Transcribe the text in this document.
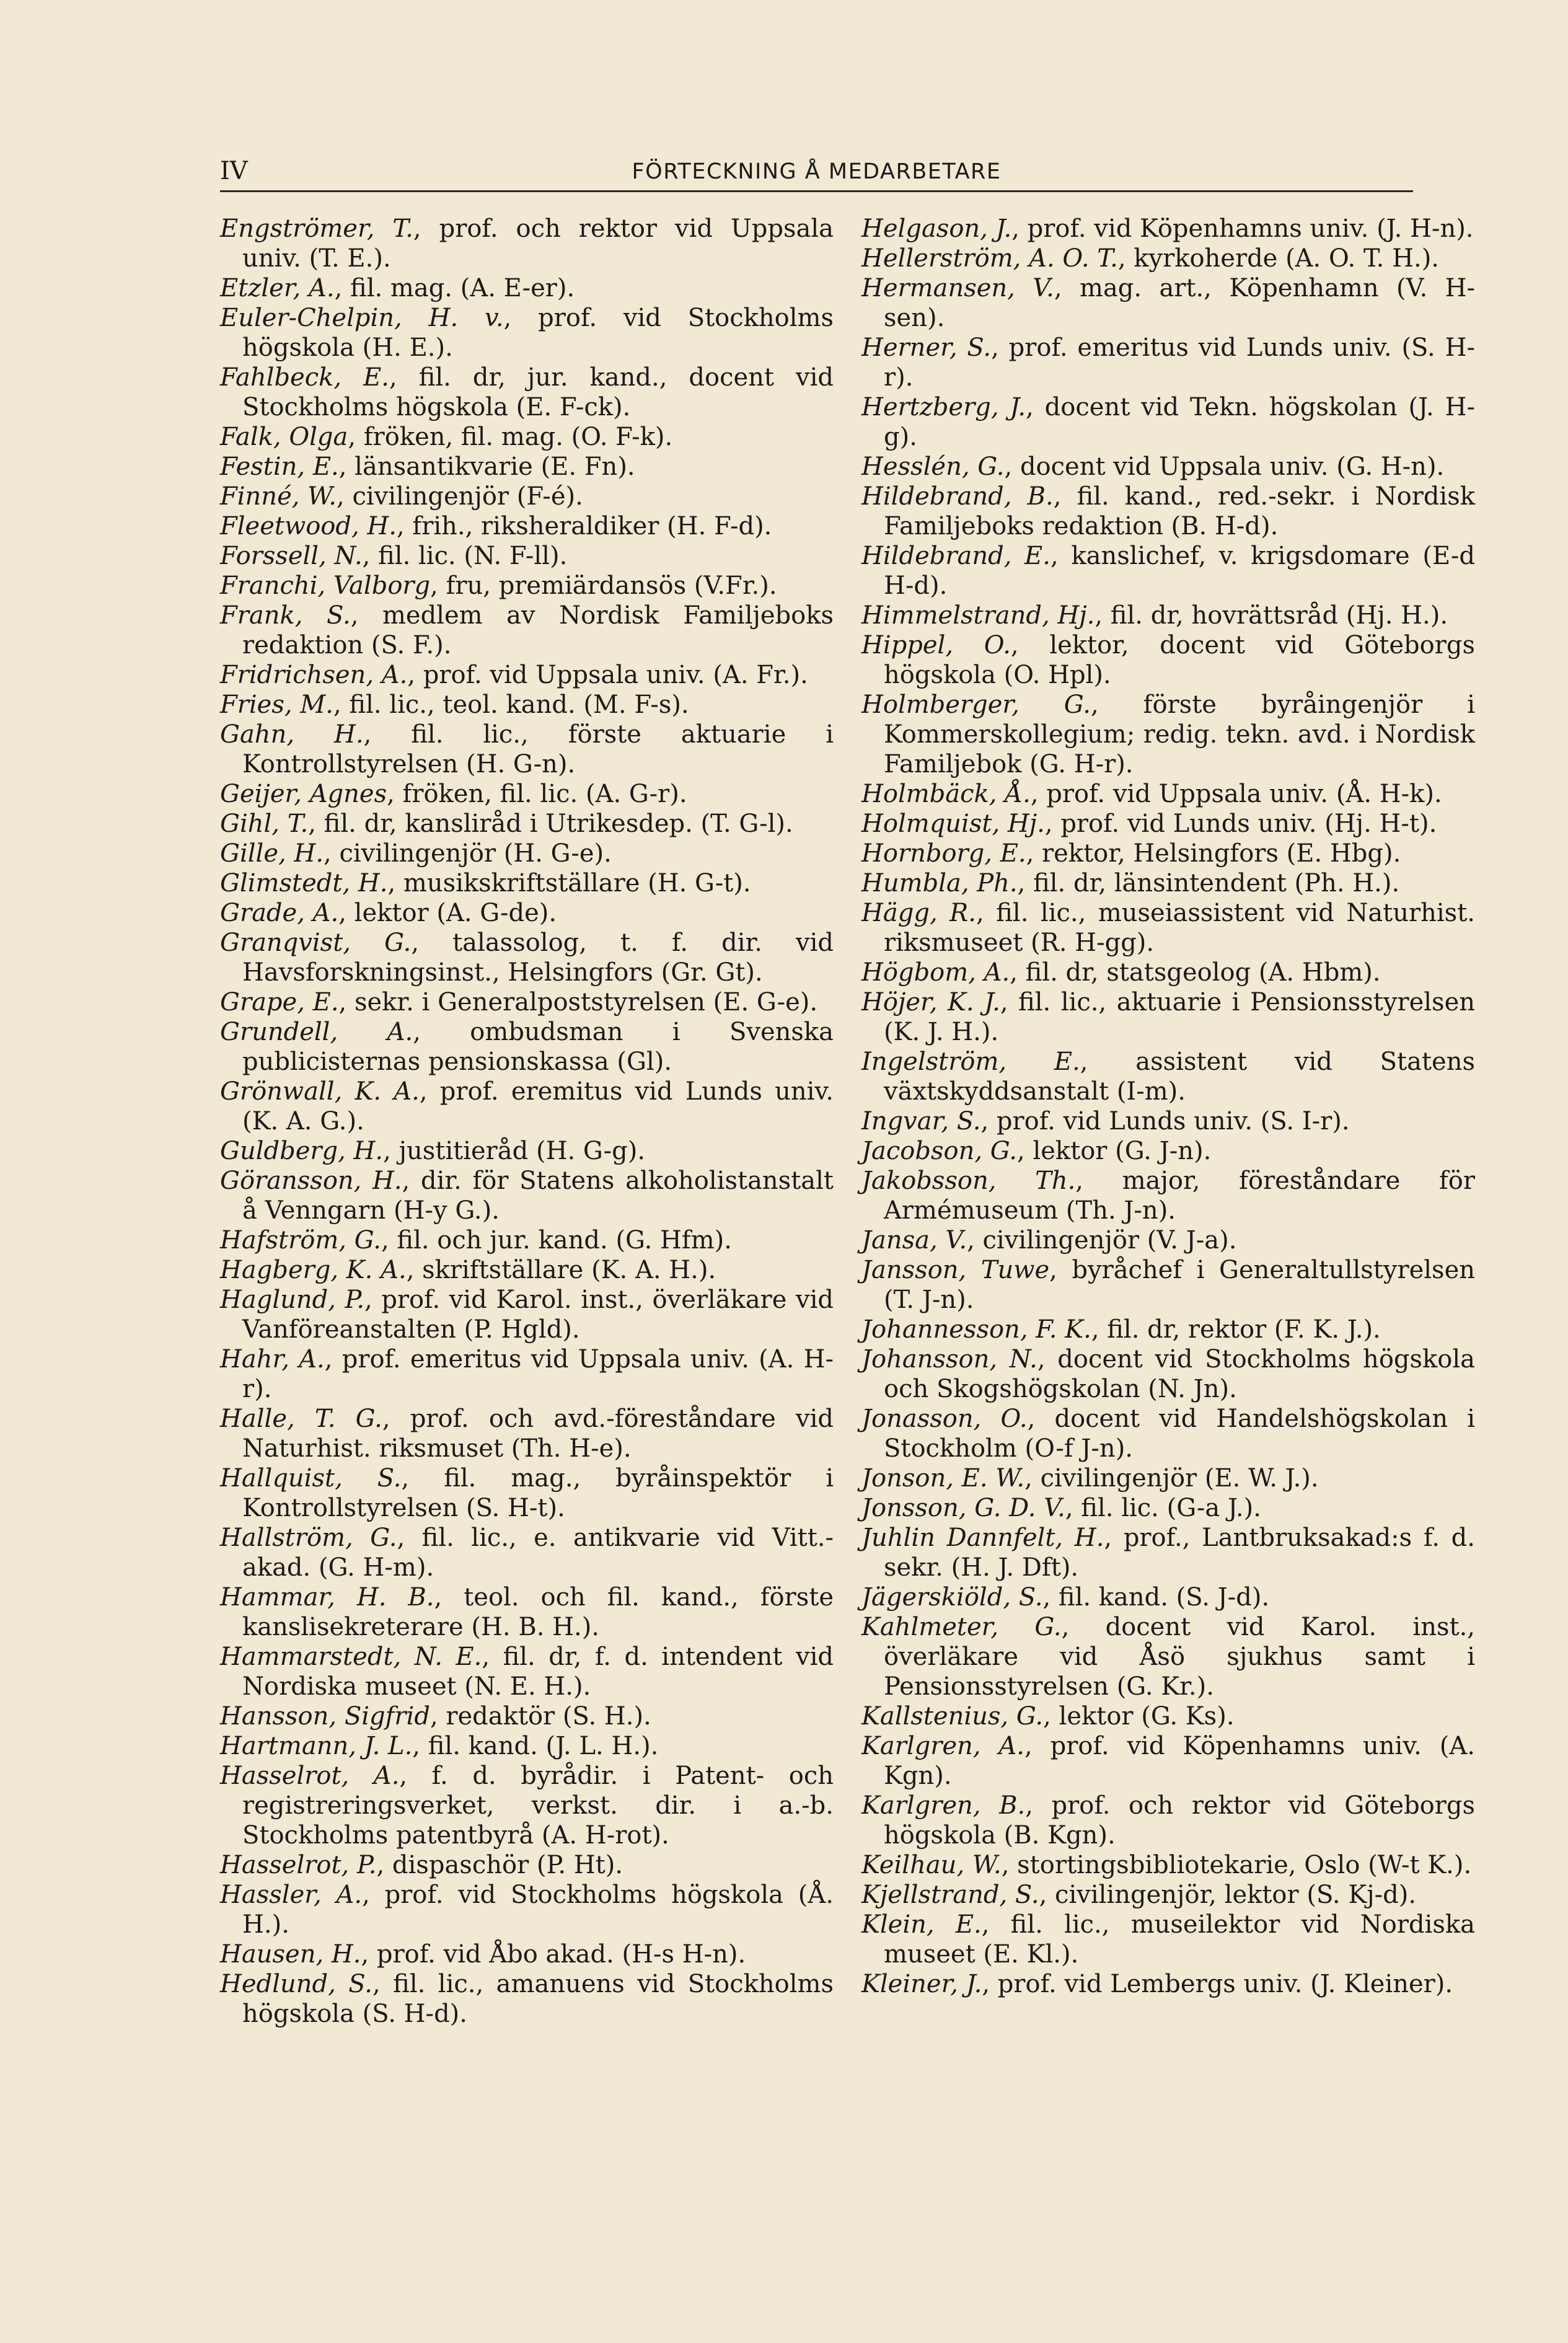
IV	FÖRTECKNING Å MEDARBETARE

Engströmer, T., prof. och rektor vid Uppsala univ. (T. E.).

Etzler, A., fil. mag. (A. E-er).

Euler-Chelpin, H. v., prof. vid Stockholms högskola (H. E.).

Fahlbeck, E., fil. dr, jur. kand., docent vid Stockholms högskola (E. F-ck).

Falk, Olga, fröken, fil. mag. (O. F-k).

Festin, E., länsantikvarie (E. Fn).

Finné, W., civilingenjör (F-é).

Fleetwood, H., frih., riksheraldiker (H. F-d).

Forssell, N., fil. lic. (N. F-ll).

Franchi, Valborg, fru, premiärdansös (V.Fr.).

Frank, S., medlem av Nordisk Familjeboks redaktion (S. F.).

Fridrichsen, A., prof. vid Uppsala univ. (A. Fr.).

Fries, M., fil. lic., teol. kand. (M. F-s).

Gahn, H., fil. lic., förste aktuarie i Kontrollstyrelsen (H. G-n).

Geijer, Agnes, fröken, fil. lic. (A. G-r).

Gihl, T., fil. dr, kansliråd i Utrikesdep. (T. G-l).

Gille, H., civilingenjör (H. G-e).

Glimstedt, H., musikskriftställare (H. G-t).

Grade, A., lektor (A. G-de).

Granqvist, G., talassolog, t. f. dir. vid Havsforskningsinst., Helsingfors (Gr. Gt).

Grape, E., sekr. i Generalpoststyrelsen (E. G-e).

Grundell, A., ombudsman i Svenska publicisternas pensionskassa (Gl).

Grönwall, K. A., prof. eremitus vid Lunds univ. (K. A. G.).

Guldberg, H., justitieråd (H. G-g).

Göransson, H., dir. för Statens alkoholistanstalt å Venngarn (H-y G.).

Hafström, G., fil. och jur. kand. (G. Hfm).

Hagberg, K. A., skriftställare (K. A. H.).

Haglund, P., prof. vid Karol. inst., överläkare vid Vanföreanstalten (P. Hgld).

Hahr, A., prof. emeritus vid Uppsala univ. (A. H-r).

Halle, T. G., prof. och avd.-föreståndare vid Naturhist. riksmuset (Th. H-e).

Hallquist, S., fil. mag., byråinspektör i Kontrollstyrelsen (S. H-t).

Hallström, G., fil. lic., e. antikvarie vid Vitt.-akad. (G. H-m).

Hammar, H. B., teol. och fil. kand., förste kanslisekreterare (H. B. H.).

Hammarstedt, N. E., fil. dr, f. d. intendent vid Nordiska museet (N. E. H.).

Hansson, Sigfrid, redaktör (S. H.).

Hartmann, J. L., fil. kand. (J. L. H.).

Hasselrot, A., f. d. byrådir. i Patent- och registreringsverket, verkst. dir. i a.-b. Stockholms patentbyrå (A. H-rot).

Hasselrot, P., dispaschör (P. Ht).

Hassler, A., prof. vid Stockholms högskola (Å. H.).

Hausen, H., prof. vid Åbo akad. (H-s H-n).

Hedlund, S., fil. lic., amanuens vid Stockholms högskola (S. H-d).

Helgason, J., prof. vid Köpenhamns univ. (J. H-n).

Hellerström, A. O. T., kyrkoherde (A. O. T. H.).

Hermansen, V., mag. art., Köpenhamn (V. H-sen).

Herner, S., prof. emeritus vid Lunds univ. (S. H-r).

Hertzberg, J., docent vid Tekn. högskolan (J. H-g).

Hesslén, G., docent vid Uppsala univ. (G. H-n).

Hildebrand, B., fil. kand., red.-sekr. i Nordisk Familjeboks redaktion (B. H-d).

Hildebrand, E., kanslichef, v. krigsdomare (E-d H-d).

Himmelstrand, Hj., fil. dr, hovrättsråd (Hj. H.).

Hippel, O., lektor, docent vid Göteborgs högskola (O. Hpl).

Holmberger, G., förste byråingenjör i Kommerskollegium; redig. tekn. avd. i Nordisk Familjebok (G. H-r).

Holmbäck, Å., prof. vid Uppsala univ. (Å. H-k).

Holmquist, Hj., prof. vid Lunds univ. (Hj. H-t).

Hornborg, E., rektor, Helsingfors (E. Hbg).

Humbla, Ph., fil. dr, länsintendent (Ph. H.).

Hägg, R., fil. lic., museiassistent vid Naturhist. riksmuseet (R. H-gg).

Högbom, A., fil. dr, statsgeolog (A. Hbm).

Höjer, K. J., fil. lic., aktuarie i Pensionsstyrelsen (K. J. H.).

Ingelström, E., assistent vid Statens växtskyddsanstalt (I-m).

Ingvar, S., prof. vid Lunds univ. (S. I-r).

Jacobson, G., lektor (G. J-n).

Jakobsson, Th., major, föreståndare för Armémuseum (Th. J-n).

Jansa, V., civilingenjör (V. J-a).

Jansson, Tuwe, byråchef i Generaltullstyrelsen (T. J-n).

Johannesson, F. K., fil. dr, rektor (F. K. J.).

Johansson, N., docent vid Stockholms högskola och Skogshögskolan (N. Jn).

Jonasson, O., docent vid Handelshögskolan i Stockholm (O-f J-n).

Jonson, E. W., civilingenjör (E. W. J.).

Jonsson, G. D. V., fil. lic. (G-a J.).

Juhlin Dannfelt, H., prof., Lantbruksakad:s f. d. sekr. (H. J. Dft).

Jägerskiöld, S., fil. kand. (S. J-d).

Kahlmeter, G., docent vid Karol. inst., överläkare vid Åsö sjukhus samt i Pensionsstyrelsen (G. Kr.).

Kallstenius, G., lektor (G. Ks).

Karlgren, A., prof. vid Köpenhamns univ. (A. Kgn).

Karlgren, B., prof. och rektor vid Göteborgs högskola (B. Kgn).

Keilhau, W., stortingsbibliotekarie, Oslo (W-t K.).

Kjellstrand, S., civilingenjör, lektor (S. Kj-d).

Klein, E., fil. lic., museilektor vid Nordiska museet (E. Kl.).

Kleiner, J., prof. vid Lembergs univ. (J. Kleiner).
